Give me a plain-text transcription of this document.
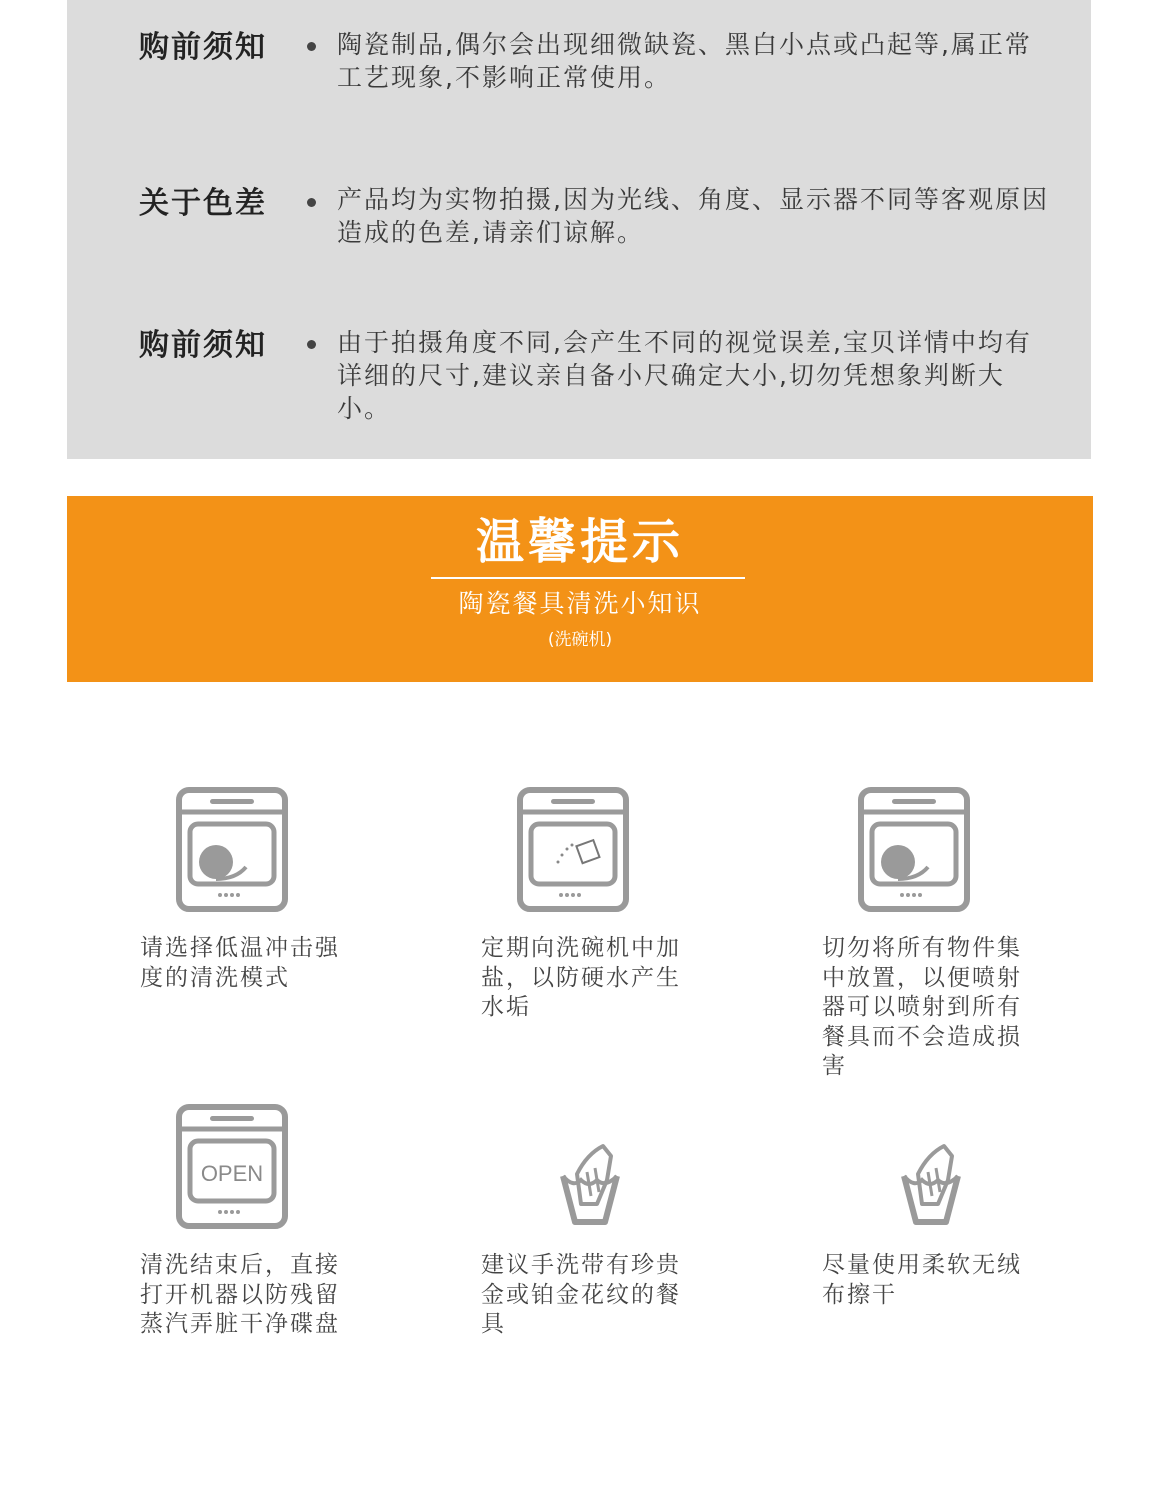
购前须知	陶瓷制品,偶尔会出现细微缺瓷、黑白小点或凸起等,属正常工艺现象,不影响正常使用。
关于色差	产品均为实物拍摄,因为光线、角度、显示器不同等客观原因造成的色差,请亲们谅解。
购前须知	由于拍摄角度不同,会产生不同的视觉误差,宝贝详情中均有详细的尺寸,建议亲自备小尺确定大小,切勿凭想象判断大小。
温馨提示
陶瓷餐具清洗小知识
(洗碗机)
请选择低温冲击强度的清洗模式
定期向洗碗机中加盐，以防硬水产生水垢
切勿将所有物件集中放置，以便喷射器可以喷射到所有餐具而不会造成损害
OPEN
清洗结束后，直接打开机器以防残留蒸汽弄脏干净碟盘
建议手洗带有珍贵金或铂金花纹的餐具
尽量使用柔软无绒布擦干
